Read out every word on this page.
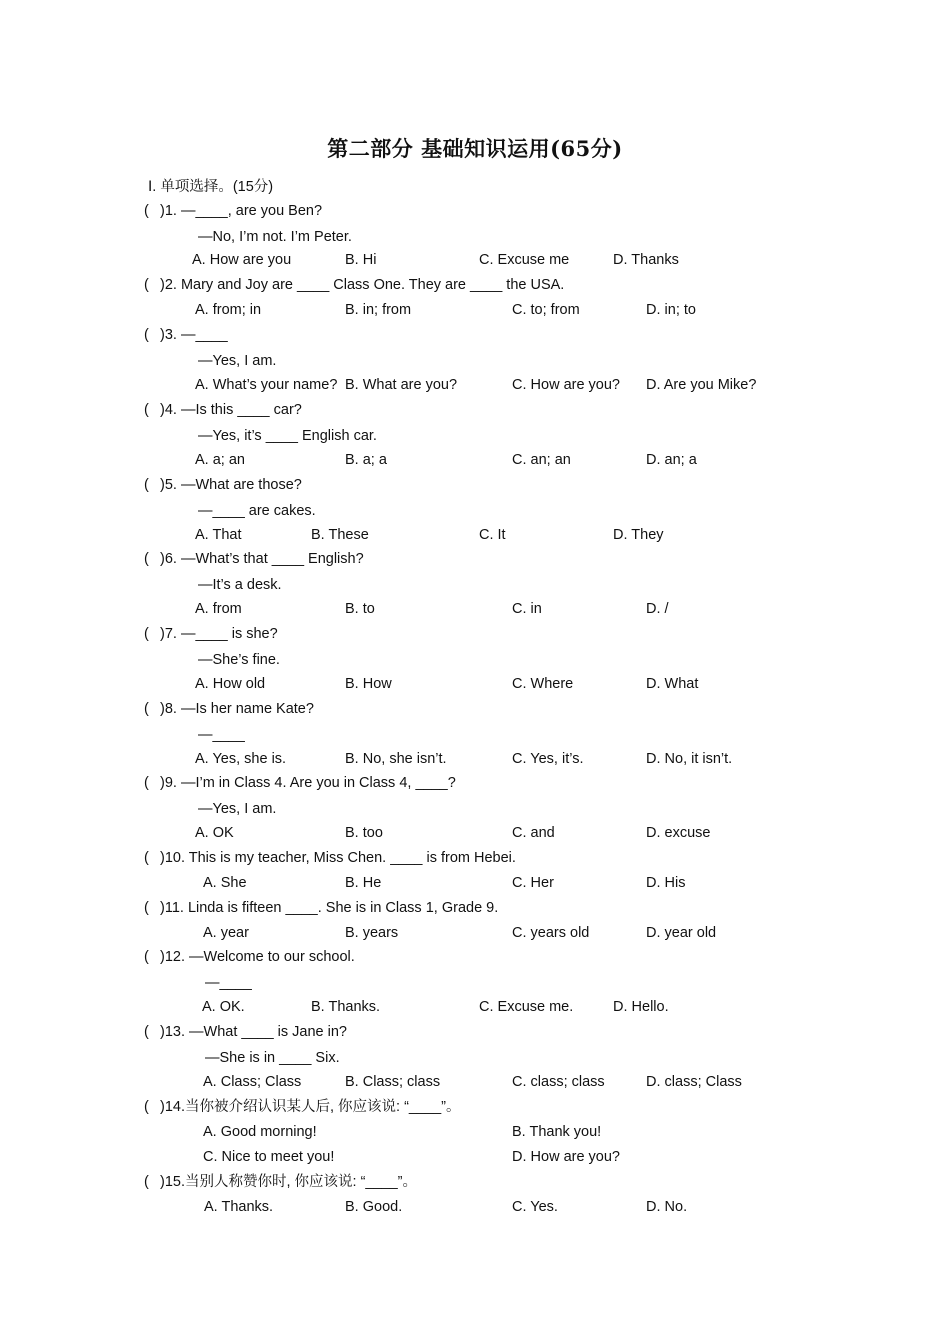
第二部分 基础知识运用(65分)
Ⅰ. 单项选择。(15分)
( )1. —____, are you Ben?
—No, I’m not. I’m Peter.
A. How are you	B. Hi	C. Excuse me	D. Thanks
( )2. Mary and Joy are ____ Class One. They are ____ the USA.
A. from; in	B. in; from	C. to; from	D. in; to
( )3. —____
—Yes, I am.
A. What’s your name? B. What are you?	C. How are you? D. Are you Mike?
( )4. —Is this ____ car?
—Yes, it’s ____ English car.
A. a; an	B. a; a	C. an; an	D. an; a
( )5. —What are those?
—____ are cakes.
A. That	B. These	C. It	D. They
( )6. —What’s that ____ English?
—It’s a desk.
A. from	B. to	C. in	D. /
( )7. —____ is she?
—She’s fine.
A. How old	B. How	C. Where	D. What
( )8. —Is her name Kate?
—____
A. Yes, she is.	B. No, she isn’t.	C. Yes, it’s.	D. No, it isn’t.
( )9. —I’m in Class 4. Are you in Class 4, ____?
—Yes, I am.
A. OK	B. too	C. and	D. excuse
( )10. This is my teacher, Miss Chen. ____ is from Hebei.
A. She	B. He	C. Her	D. His
( )11. Linda is fifteen ____. She is in Class 1, Grade 9.
A. year	B. years	C. years old	D. year old
( )12. —Welcome to our school.
—____
A. OK.	B. Thanks.	C. Excuse me.	D. Hello.
( )13. —What ____ is Jane in?
—She is in ____ Six.
A. Class; Class	B. Class; class	C. class; class	D. class; Class
( )14.当你被介绍认识某人后, 你应该说: “____”。
A. Good morning!	B. Thank you!
C. Nice to meet you!	D. How are you?
( )15.当别人称赞你时, 你应该说: “____”。
A. Thanks.	B. Good.	C. Yes.	D. No.
